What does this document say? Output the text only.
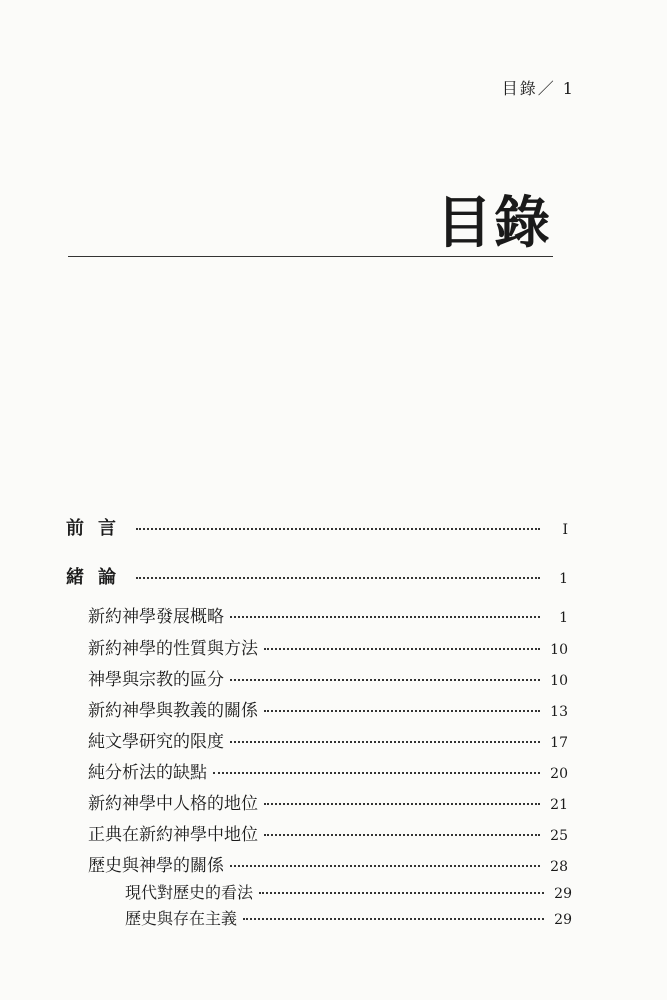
目錄／ 1
目錄
前言	I
緒論	1
新約神學發展概略	1
新約神學的性質與方法	10
神學與宗教的區分	10
新約神學與教義的關係	13
純文學研究的限度	17
純分析法的缺點	20
新約神學中人格的地位	21
正典在新約神學中地位	25
歷史與神學的關係	28
現代對歷史的看法	29
歷史與存在主義	29
